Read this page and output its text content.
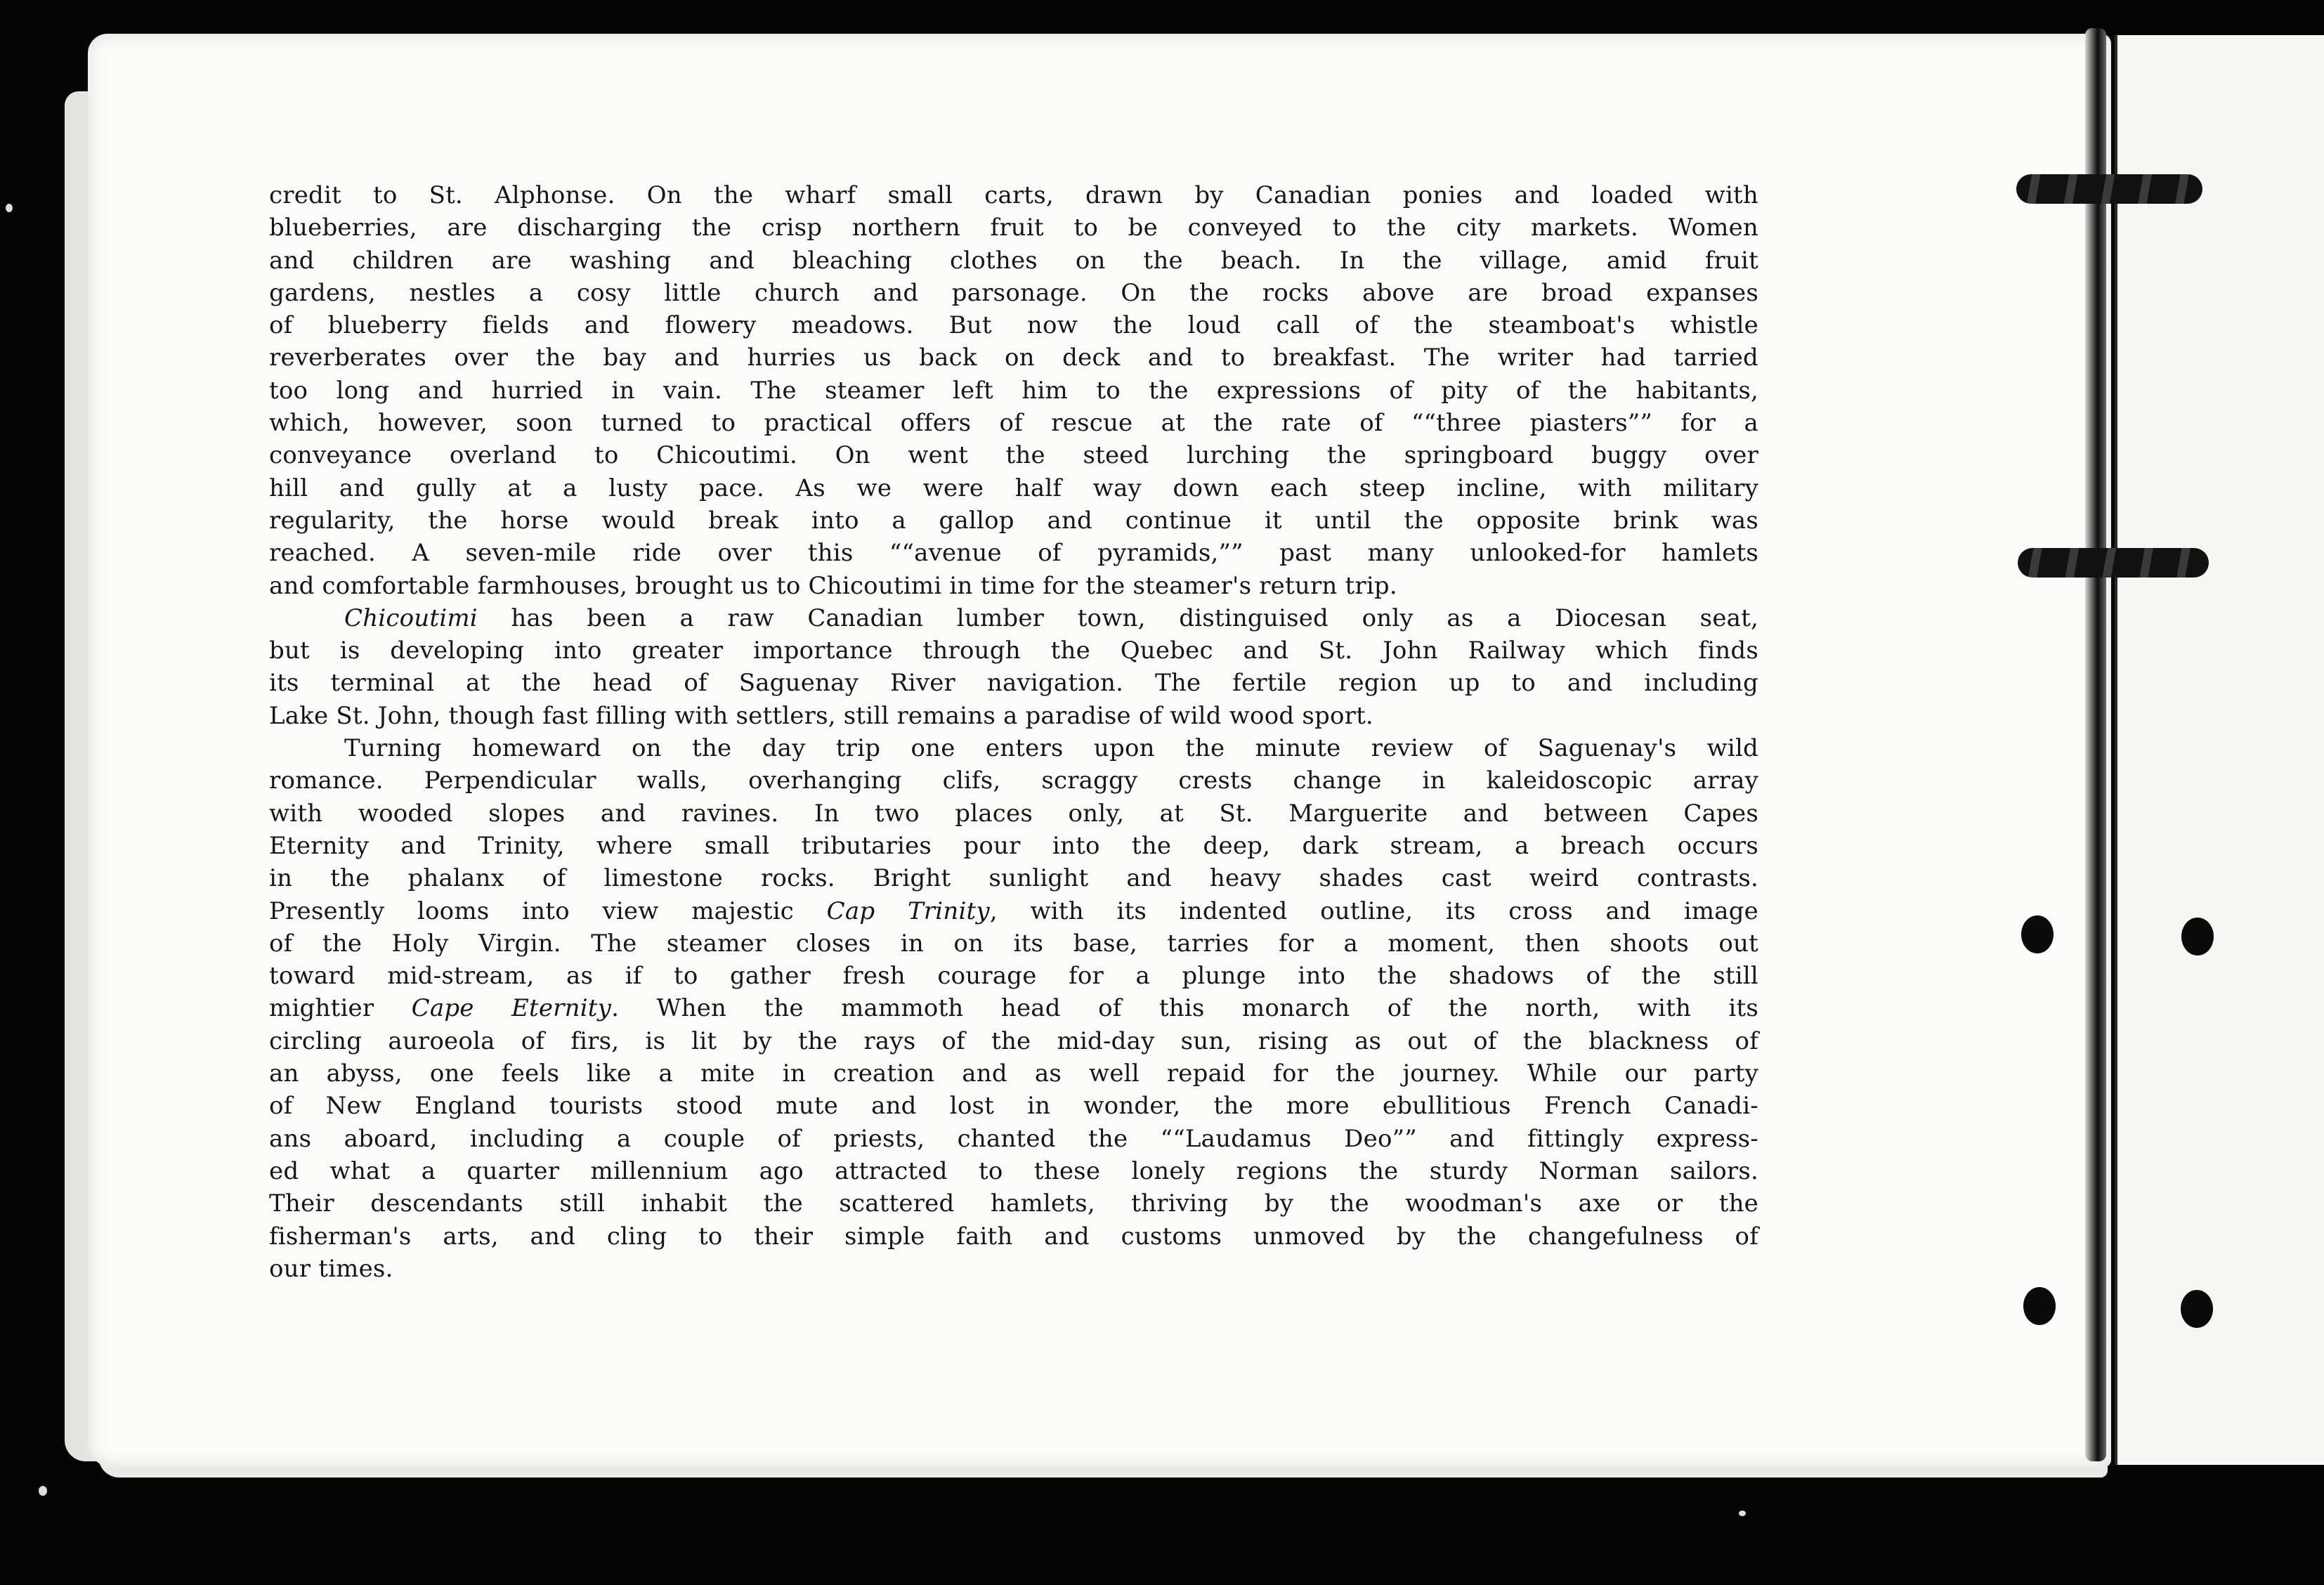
credit to St. Alphonse. On the wharf small carts, drawn by Canadian ponies and loaded with
blueberries, are discharging the crisp northern fruit to be conveyed to the city markets. Women
and children are washing and bleaching clothes on the beach. In the village, amid fruit
gardens, nestles a cosy little church and parsonage. On the rocks above are broad expanses
of blueberry fields and flowery meadows. But now the loud call of the steamboat's whistle
reverberates over the bay and hurries us back on deck and to breakfast. The writer had tarried
too long and hurried in vain. The steamer left him to the expressions of pity of the habitants,
which, however, soon turned to practical offers of rescue at the rate of ““three piasters”” for a
conveyance overland to Chicoutimi. On went the steed lurching the springboard buggy over
hill and gully at a lusty pace. As we were half way down each steep incline, with military
regularity, the horse would break into a gallop and continue it until the opposite brink was
reached. A seven-mile ride over this ““avenue of pyramids,”” past many unlooked-for hamlets
and comfortable farmhouses, brought us to Chicoutimi in time for the steamer's return trip.
Chicoutimi has been a raw Canadian lumber town, distinguised only as a Diocesan seat,
but is developing into greater importance through the Quebec and St. John Railway which finds
its terminal at the head of Saguenay River navigation. The fertile region up to and including
Lake St. John, though fast filling with settlers, still remains a paradise of wild wood sport.
Turning homeward on the day trip one enters upon the minute review of Saguenay's wild
romance. Perpendicular walls, overhanging clifs, scraggy crests change in kaleidoscopic array
with wooded slopes and ravines. In two places only, at St. Marguerite and between Capes
Eternity and Trinity, where small tributaries pour into the deep, dark stream, a breach occurs
in the phalanx of limestone rocks. Bright sunlight and heavy shades cast weird contrasts.
Presently looms into view majestic Cap Trinity, with its indented outline, its cross and image
of the Holy Virgin. The steamer closes in on its base, tarries for a moment, then shoots out
toward mid-stream, as if to gather fresh courage for a plunge into the shadows of the still
mightier Cape Eternity. When the mammoth head of this monarch of the north, with its
circling auroeola of firs, is lit by the rays of the mid-day sun, rising as out of the blackness of
an abyss, one feels like a mite in creation and as well repaid for the journey. While our party
of New England tourists stood mute and lost in wonder, the more ebullitious French Canadi-
ans aboard, including a couple of priests, chanted the ““Laudamus Deo”” and fittingly express-
ed what a quarter millennium ago attracted to these lonely regions the sturdy Norman sailors.
Their descendants still inhabit the scattered hamlets, thriving by the woodman's axe or the
fisherman's arts, and cling to their simple faith and customs unmoved by the changefulness of
our times.
